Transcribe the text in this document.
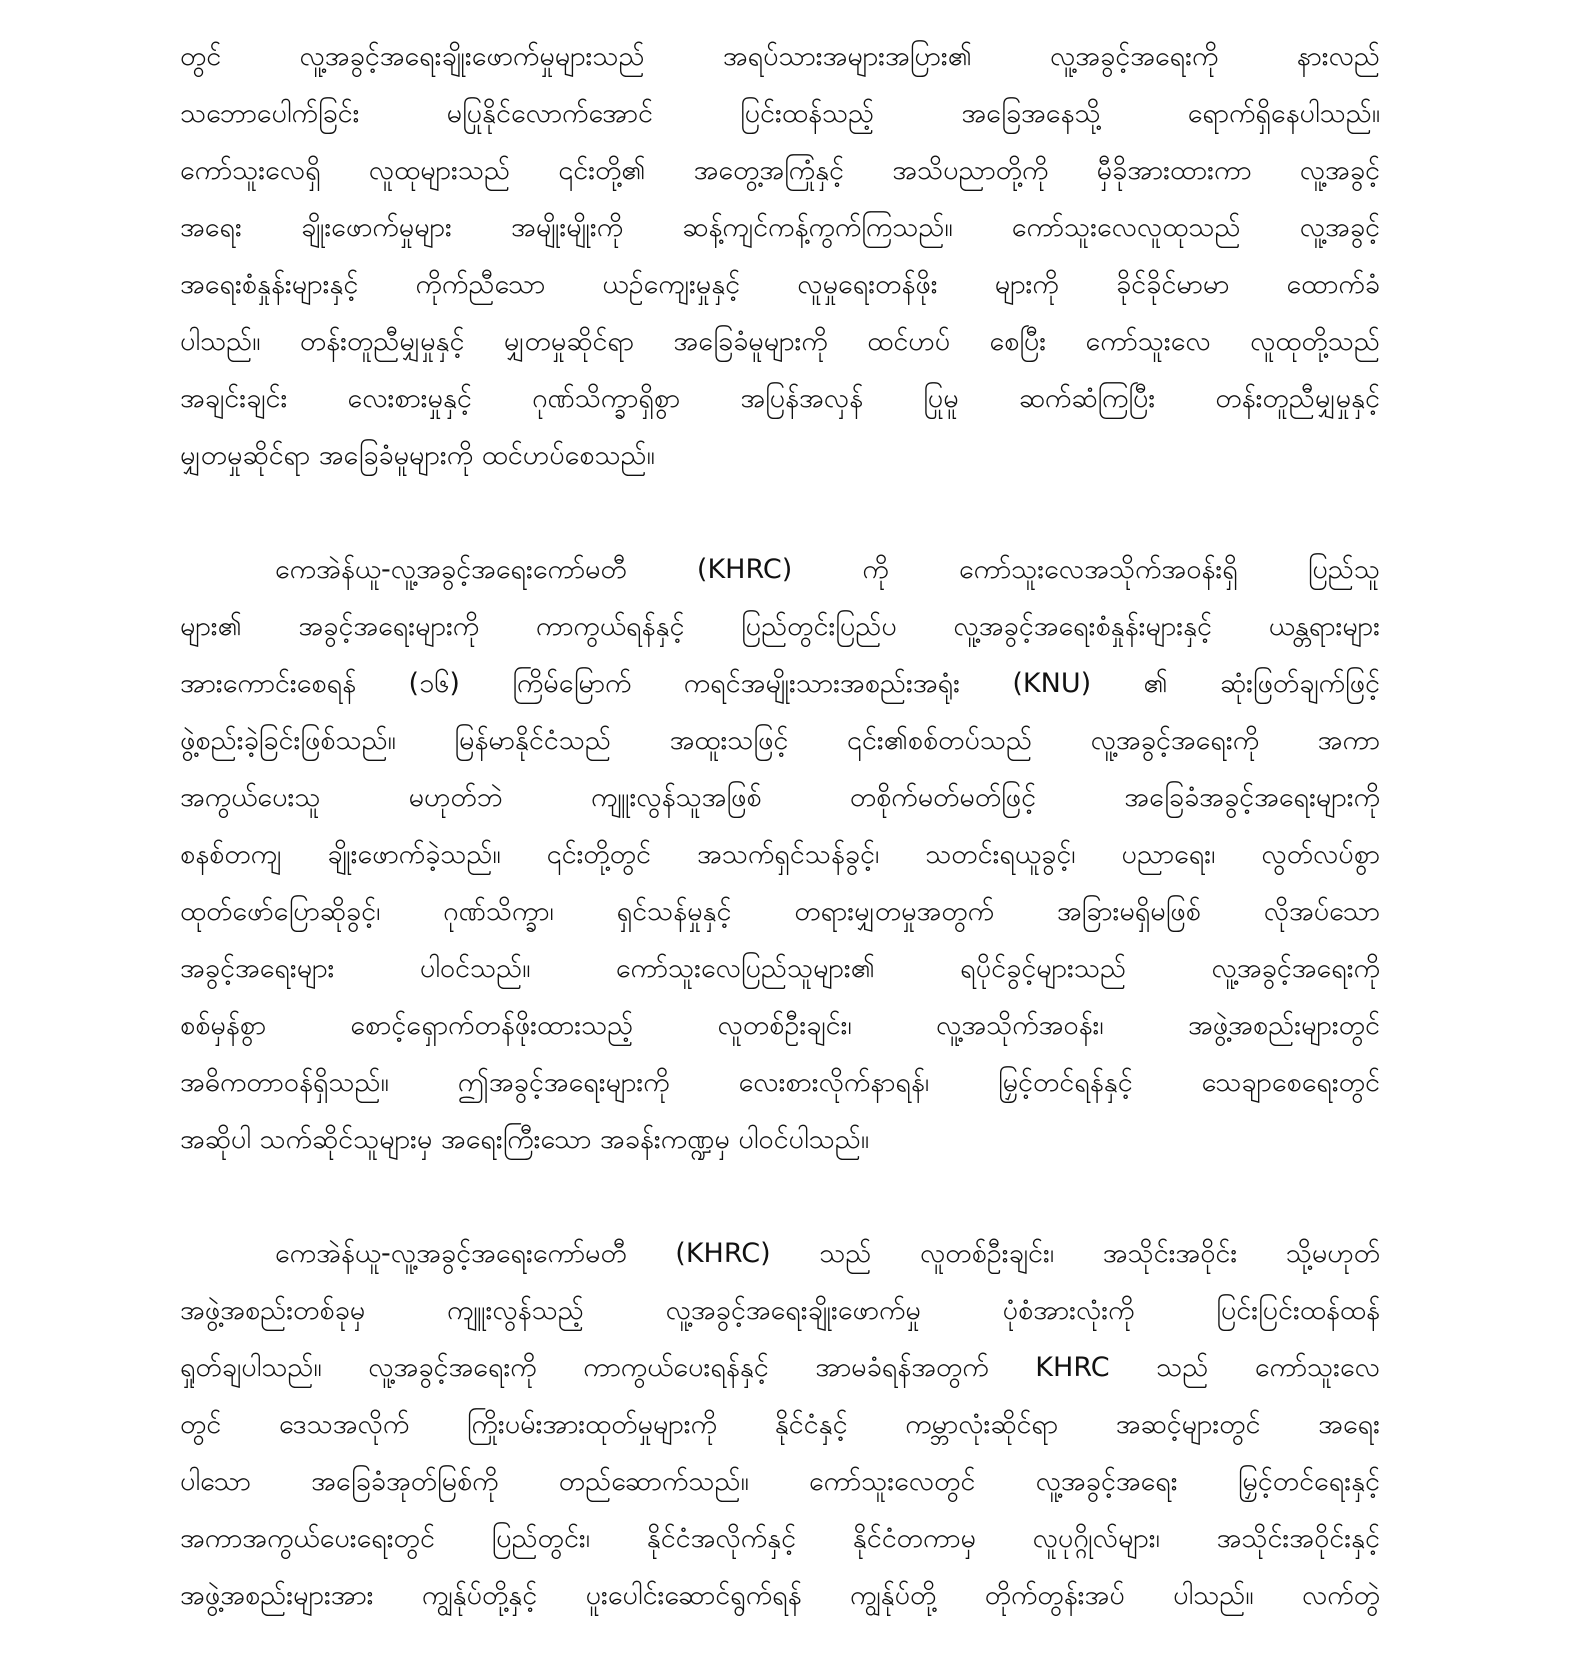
တွင် လူ့အခွင့်အရေးချိုးဖောက်မှုများသည် အရပ်သားအများအပြား၏ လူ့အခွင့်အရေးကို နားလည်
သဘောပေါက်ခြင်း မပြုနိုင်လောက်အောင် ပြင်းထန်သည့် အခြေအနေသို့ ရောက်ရှိနေပါသည်။
ကော်သူးလေရှိ လူထုများသည် ၎င်းတို့၏ အတွေ့အကြုံနှင့် အသိပညာတို့ကို မှီခိုအားထားကာ လူ့အခွင့်
အရေး ချိုးဖောက်မှုများ အမျိုးမျိုးကို ဆန့်ကျင်ကန့်ကွက်ကြသည်။ ကော်သူးလေလူထုသည် လူ့အခွင့်
အရေးစံနှုန်းများနှင့် ကိုက်ညီသော ယဉ်ကျေးမှုနှင့် လူမှုရေးတန်ဖိုး များကို ခိုင်ခိုင်မာမာ ထောက်ခံ
ပါသည်။ တန်းတူညီမျှမှုနှင့် မျှတမှုဆိုင်ရာ အခြေခံမူများကို ထင်ဟပ် စေပြီး ကော်သူးလေ လူထုတို့သည်
အချင်းချင်း လေးစားမှုနှင့် ဂုဏ်သိက္ခာရှိစွာ အပြန်အလှန် ပြုမူ ဆက်ဆံကြပြီး တန်းတူညီမျှမှုနှင့်
မျှတမှုဆိုင်ရာ အခြေခံမူများကို ထင်ဟပ်စေသည်။
ကေအဲန်ယူ-လူ့အခွင့်အရေးကော်မတီ (KHRC) ကို ကော်သူးလေအသိုက်အဝန်းရှိ ပြည်သူ
များ၏ အခွင့်အရေးများကို ကာကွယ်ရန်နှင့် ပြည်တွင်းပြည်ပ လူ့အခွင့်အရေးစံနှုန်းများနှင့် ယန္တရားများ
အားကောင်းစေရန် (၁၆) ကြိမ်မြောက် ကရင်အမျိုးသားအစည်းအရုံး (KNU) ၏ ဆုံးဖြတ်ချက်ဖြင့်
ဖွဲ့စည်းခဲ့ခြင်းဖြစ်သည်။ မြန်မာနိုင်ငံသည် အထူးသဖြင့် ၎င်း၏စစ်တပ်သည် လူ့အခွင့်အရေးကို အကာ
အကွယ်ပေးသူ မဟုတ်ဘဲ ကျူးလွန်သူအဖြစ် တစိုက်မတ်မတ်ဖြင့် အခြေခံအခွင့်အရေးများကို
စနစ်တကျ ချိုးဖောက်ခဲ့သည်။ ၎င်းတို့တွင် အသက်ရှင်သန်ခွင့်၊ သတင်းရယူခွင့်၊ ပညာရေး၊ လွတ်လပ်စွာ
ထုတ်ဖော်ပြောဆိုခွင့်၊ ဂုဏ်သိက္ခာ၊ ရှင်သန်မှုနှင့် တရားမျှတမှုအတွက် အခြားမရှိမဖြစ် လိုအပ်သော
အခွင့်အရေးများ ပါဝင်သည်။ ကော်သူးလေပြည်သူများ၏ ရပိုင်ခွင့်များသည် လူ့အခွင့်အရေးကို
စစ်မှန်စွာ စောင့်ရှောက်တန်ဖိုးထားသည့် လူတစ်ဦးချင်း၊ လူ့အသိုက်အဝန်း၊ အဖွဲ့အစည်းများတွင်
အဓိကတာဝန်ရှိသည်။ ဤအခွင့်အရေးများကို လေးစားလိုက်နာရန်၊ မြှင့်တင်ရန်နှင့် သေချာစေရေးတွင်
အဆိုပါ သက်ဆိုင်သူများမှ အရေးကြီးသော အခန်းကဏ္ဍမှ ပါဝင်ပါသည်။
ကေအဲန်ယူ-လူ့အခွင့်အရေးကော်မတီ (KHRC) သည် လူတစ်ဦးချင်း၊ အသိုင်းအဝိုင်း သို့မဟုတ်
အဖွဲ့အစည်းတစ်ခုမှ ကျူးလွန်သည့် လူ့အခွင့်အရေးချိုးဖောက်မှု ပုံစံအားလုံးကို ပြင်းပြင်းထန်ထန်
ရှုတ်ချပါသည်။ လူ့အခွင့်အရေးကို ကာကွယ်ပေးရန်နှင့် အာမခံရန်အတွက် KHRC သည် ကော်သူးလေ
တွင် ဒေသအလိုက် ကြိုးပမ်းအားထုတ်မှုများကို နိုင်ငံနှင့် ကမ္ဘာလုံးဆိုင်ရာ အဆင့်များတွင် အရေး
ပါသော အခြေခံအုတ်မြစ်ကို တည်ဆောက်သည်။ ကော်သူးလေတွင် လူ့အခွင့်အရေး မြှင့်တင်ရေးနှင့်
အကာအကွယ်ပေးရေးတွင် ပြည်တွင်း၊ နိုင်ငံအလိုက်နှင့် နိုင်ငံတကာမှ လူပုဂ္ဂိုလ်များ၊ အသိုင်းအဝိုင်းနှင့်
အဖွဲ့အစည်းများအား ကျွန်ုပ်တို့နှင့် ပူးပေါင်းဆောင်ရွက်ရန် ကျွန်ုပ်တို့ တိုက်တွန်းအပ် ပါသည်။ လက်တွဲ
